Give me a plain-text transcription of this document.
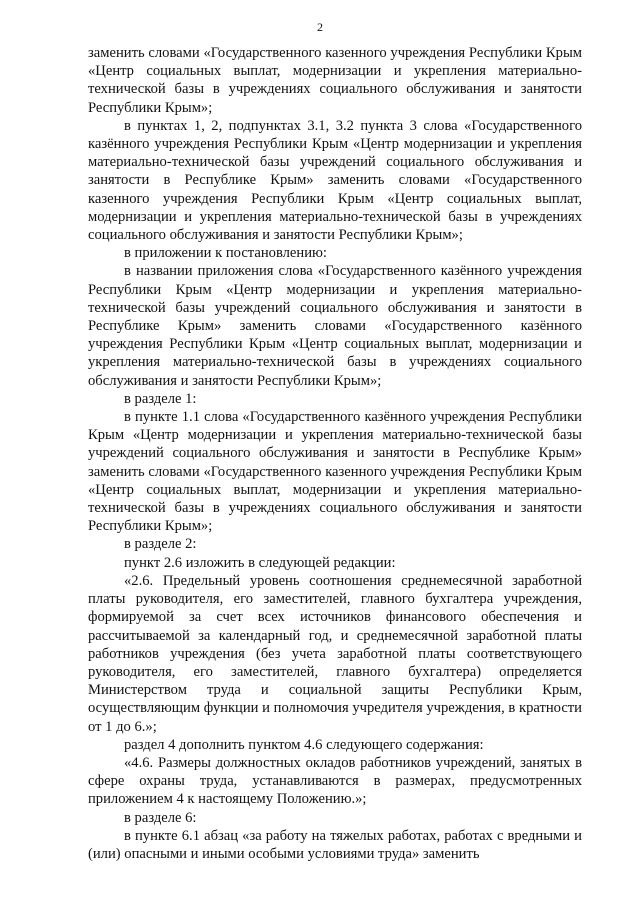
2

заменить словами «Государственного казенного учреждения Республики Крым «Центр социальных выплат, модернизации и укрепления материально-технической базы в учреждениях социального обслуживания и занятости Республики Крым»;

в пунктах 1, 2, подпунктах 3.1, 3.2 пункта 3 слова «Государственного казённого учреждения Республики Крым «Центр модернизации и укрепления материально-технической базы учреждений социального обслуживания и занятости в Республике Крым» заменить словами «Государственного казенного учреждения Республики Крым «Центр социальных выплат, модернизации и укрепления материально-технической базы в учреждениях социального обслуживания и занятости Республики Крым»;

в приложении к постановлению:

в названии приложения слова «Государственного казённого учреждения Республики Крым «Центр модернизации и укрепления материально-технической базы учреждений социального обслуживания и занятости в Республике Крым» заменить словами «Государственного казённого учреждения Республики Крым «Центр социальных выплат, модернизации и укрепления материально-технической базы в учреждениях социального обслуживания и занятости Республики Крым»;

в разделе 1:

в пункте 1.1 слова «Государственного казённого учреждения Республики Крым «Центр модернизации и укрепления материально-технической базы учреждений социального обслуживания и занятости в Республике Крым» заменить словами «Государственного казенного учреждения Республики Крым «Центр социальных выплат, модернизации и укрепления материально-технической базы в учреждениях социального обслуживания и занятости Республики Крым»;

в разделе 2:

пункт 2.6 изложить в следующей редакции:

«2.6. Предельный уровень соотношения среднемесячной заработной платы руководителя, его заместителей, главного бухгалтера учреждения, формируемой за счет всех источников финансового обеспечения и рассчитываемой за календарный год, и среднемесячной заработной платы работников учреждения (без учета заработной платы соответствующего руководителя, его заместителей, главного бухгалтера) определяется Министерством труда и социальной защиты Республики Крым, осуществляющим функции и полномочия учредителя учреждения, в кратности от 1 до 6.»;

раздел 4 дополнить пунктом 4.6 следующего содержания:

«4.6. Размеры должностных окладов работников учреждений, занятых в сфере охраны труда, устанавливаются в размерах, предусмотренных приложением 4 к настоящему Положению.»;

в разделе 6:

в пункте 6.1 абзац «за работу на тяжелых работах, работах с вредными и (или) опасными и иными особыми условиями труда» заменить
